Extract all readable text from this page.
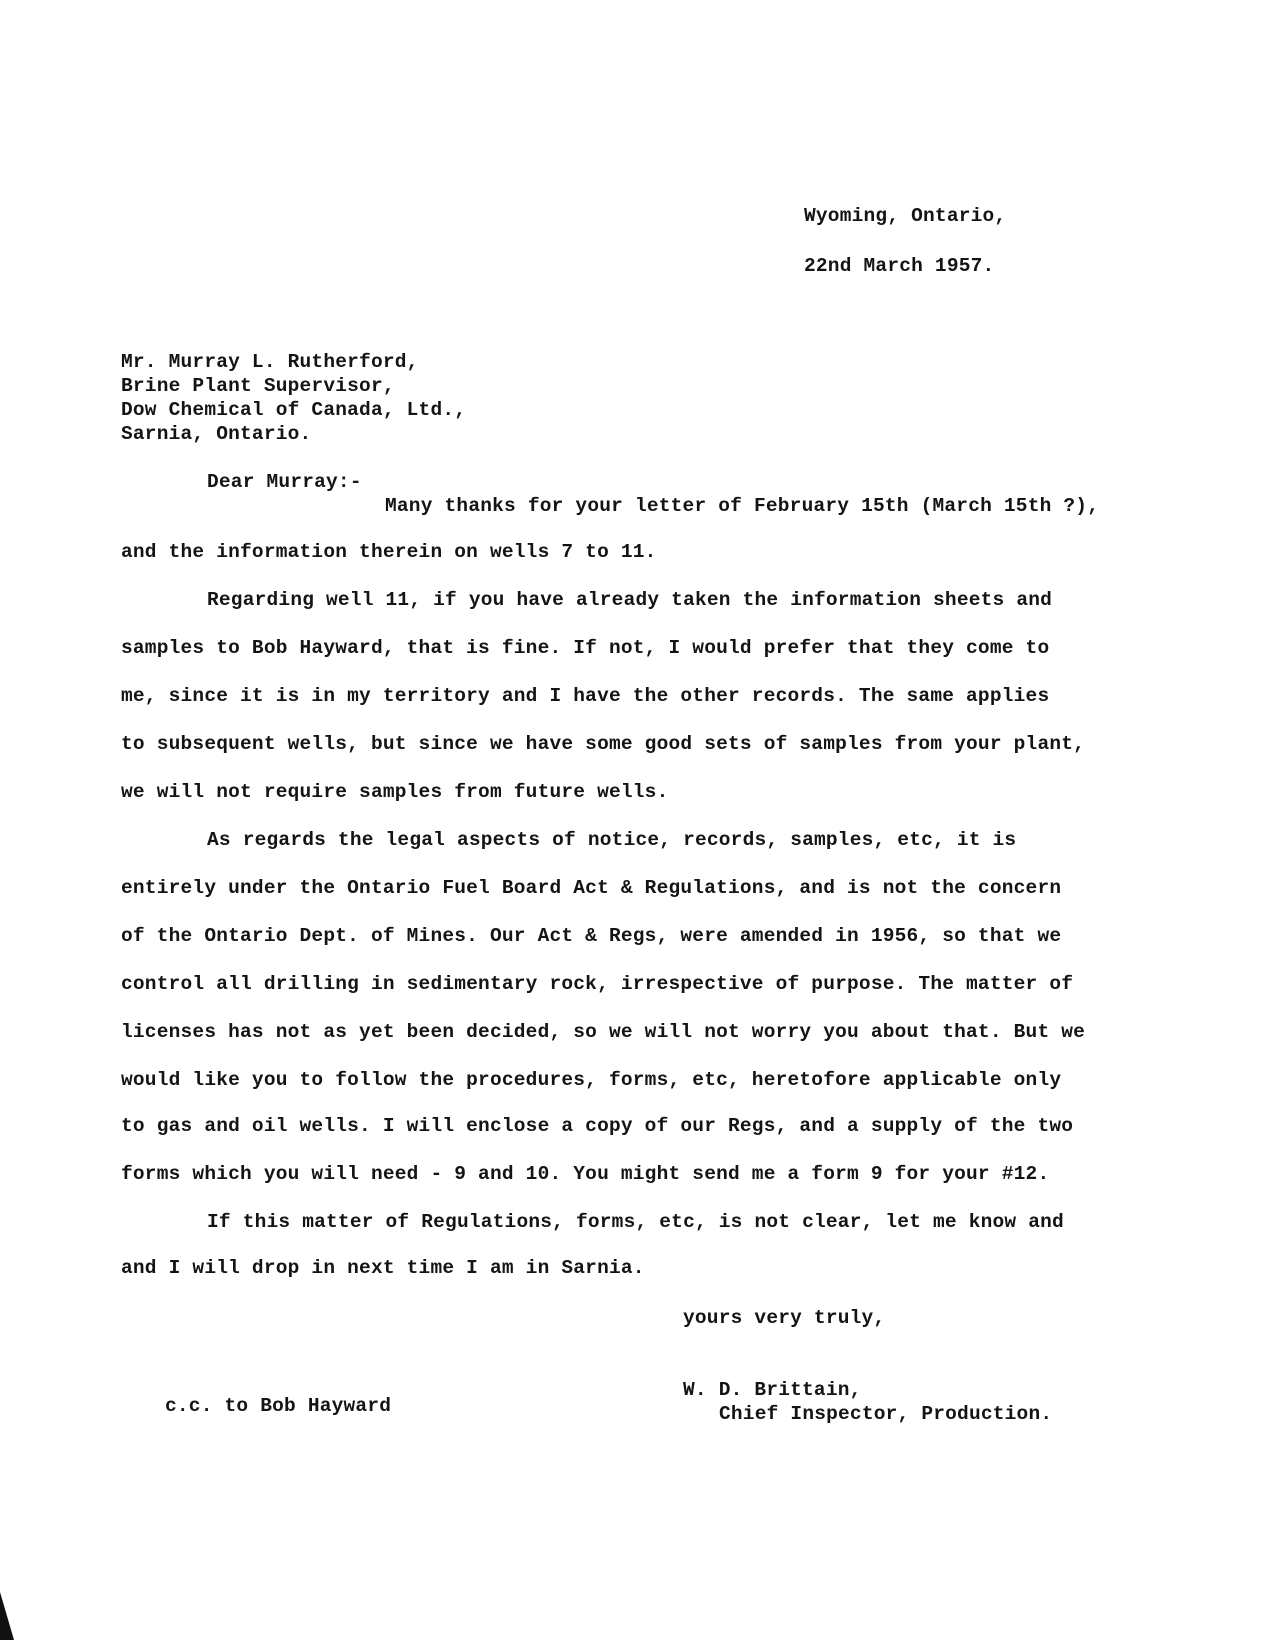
Wyoming, Ontario,
22nd March 1957.
Mr. Murray L. Rutherford,
Brine Plant Supervisor,
Dow Chemical of Canada, Ltd.,
Sarnia, Ontario.
Dear Murray:-
Many thanks for your letter of February 15th (March 15th ?),
and the information therein on wells 7 to 11.
Regarding well 11, if you have already taken the information sheets and
samples to Bob Hayward, that is fine. If not, I would prefer that they come to
me, since it is in my territory and I have the other records. The same applies
to subsequent wells, but since we have some good sets of samples from your plant,
we will not require samples from future wells.
As regards the legal aspects of notice, records, samples, etc, it is
entirely under the Ontario Fuel Board Act & Regulations, and is not the concern
of the Ontario Dept. of Mines. Our Act & Regs, were amended in 1956, so that we
control all drilling in sedimentary rock, irrespective of purpose. The matter of
licenses has not as yet been decided, so we will not worry you about that. But we
would like you to follow the procedures, forms, etc, heretofore applicable only
to gas and oil wells. I will enclose a copy of our Regs, and a supply of the two
forms which you will need - 9 and 10. You might send me a form 9 for your #12.
If this matter of Regulations, forms, etc, is not clear, let me know and
and I will drop in next time I am in Sarnia.
yours very truly,
W. D. Brittain,
Chief Inspector, Production.
c.c. to Bob Hayward
